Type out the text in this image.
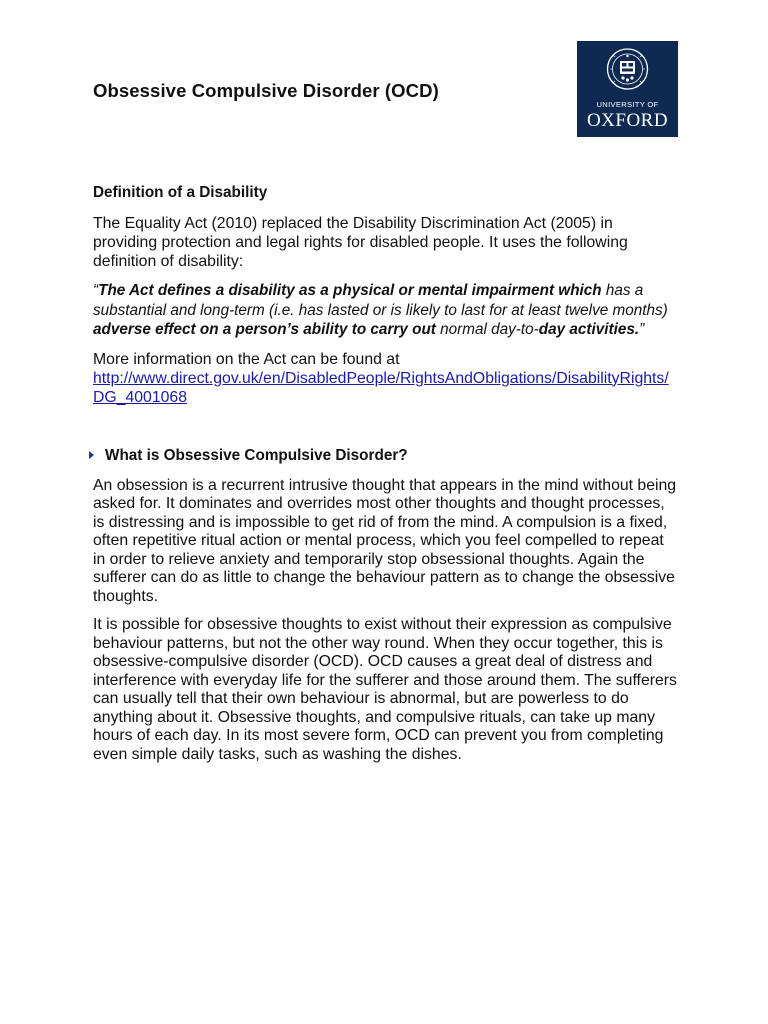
Obsessive Compulsive Disorder (OCD)
UNIVERSITY OF
OXFORD
Definition of a Disability

The Equality Act (2010) replaced the Disability Discrimination Act (2005) in providing protection and legal rights for disabled people. It uses the following definition of disability:

“The Act defines a disability as a physical or mental impairment which has a substantial and long-term (i.e. has lasted or is likely to last for at least twelve months) adverse effect on a person’s ability to carry out normal day-to-day activities.”

More information on the Act can be found at
http://www.direct.gov.uk/en/DisabledPeople/RightsAndObligations/DisabilityRights/DG_4001068

What is Obsessive Compulsive Disorder?

An obsession is a recurrent intrusive thought that appears in the mind without being asked for. It dominates and overrides most other thoughts and thought processes, is distressing and is impossible to get rid of from the mind. A compulsion is a fixed, often repetitive ritual action or mental process, which you feel compelled to repeat in order to relieve anxiety and temporarily stop obsessional thoughts. Again the sufferer can do as little to change the behaviour pattern as to change the obsessive thoughts.

It is possible for obsessive thoughts to exist without their expression as compulsive behaviour patterns, but not the other way round. When they occur together, this is obsessive-compulsive disorder (OCD). OCD causes a great deal of distress and interference with everyday life for the sufferer and those around them. The sufferers can usually tell that their own behaviour is abnormal, but are powerless to do anything about it. Obsessive thoughts, and compulsive rituals, can take up many hours of each day. In its most severe form, OCD can prevent you from completing even simple daily tasks, such as washing the dishes.
